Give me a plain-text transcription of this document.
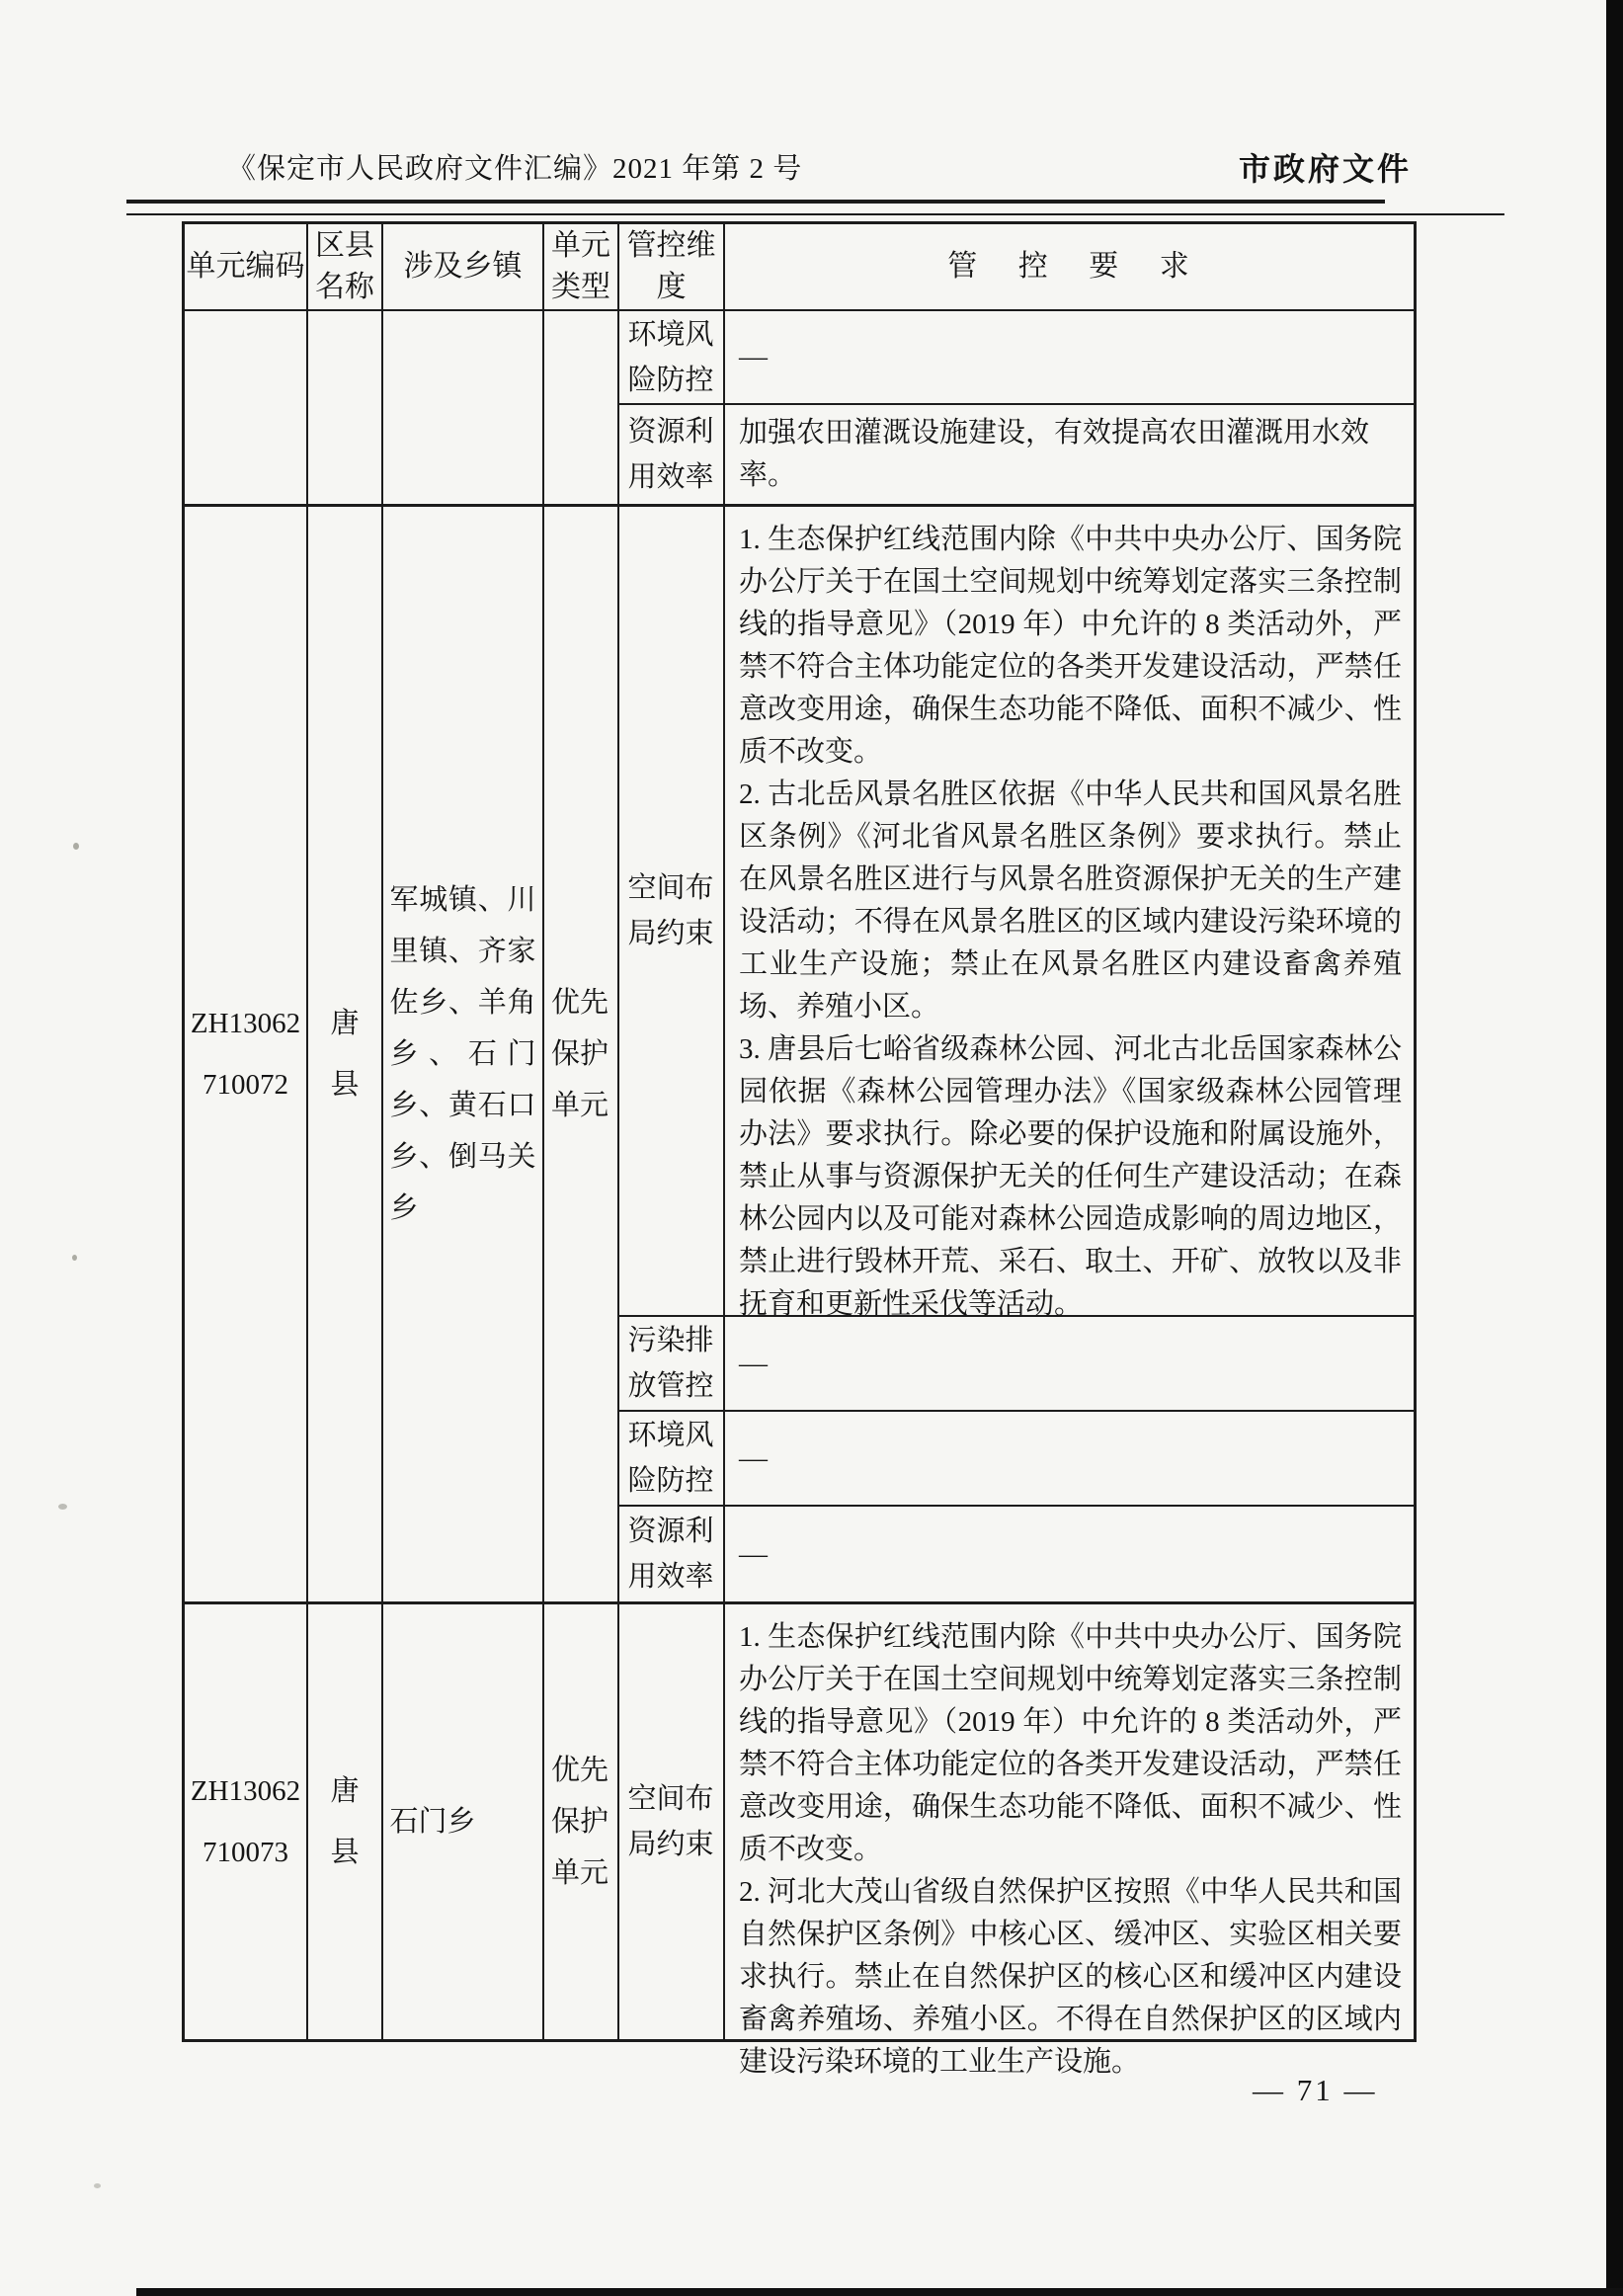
《保定市人民政府文件汇编》2021 年第 2 号	市政府文件
单元编码
区县名称
涉及乡镇
单元类型
管控维度
管 控 要 求
环境风险防控

—

资源利用效率

加强农田灌溉设施建设，有效提高农田灌溉用水效率。

ZH13062 710072
唐县
军城镇、川里镇、齐家佐乡、羊角乡、石门乡、黄石口乡、倒马关乡
优先保护单元
空间布局约束

1. 生态保护红线范围内除《中共中央办公厅、国务院办公厅关于在国土空间规划中统筹划定落实三条控制线的指导意见》（2019 年）中允许的 8 类活动外，严禁不符合主体功能定位的各类开发建设活动，严禁任意改变用途，确保生态功能不降低、面积不减少、性质不改变。

2. 古北岳风景名胜区依据《中华人民共和国风景名胜区条例》《河北省风景名胜区条例》要求执行。禁止在风景名胜区进行与风景名胜资源保护无关的生产建设活动；不得在风景名胜区的区域内建设污染环境的工业生产设施；禁止在风景名胜区内建设畜禽养殖场、养殖小区。

3. 唐县后七峪省级森林公园、河北古北岳国家森林公园依据《森林公园管理办法》《国家级森林公园管理办法》要求执行。除必要的保护设施和附属设施外，禁止从事与资源保护无关的任何生产建设活动；在森林公园内以及可能对森林公园造成影响的周边地区，禁止进行毁林开荒、采石、取土、开矿、放牧以及非抚育和更新性采伐等活动。

污染排放管控

—

环境风险防控

—

资源利用效率

—

ZH13062 710073
唐县
石门乡
优先保护单元
空间布局约束

1. 生态保护红线范围内除《中共中央办公厅、国务院办公厅关于在国土空间规划中统筹划定落实三条控制线的指导意见》（2019 年）中允许的 8 类活动外，严禁不符合主体功能定位的各类开发建设活动，严禁任意改变用途，确保生态功能不降低、面积不减少、性质不改变。

2. 河北大茂山省级自然保护区按照《中华人民共和国自然保护区条例》中核心区、缓冲区、实验区相关要求执行。禁止在自然保护区的核心区和缓冲区内建设畜禽养殖场、养殖小区。不得在自然保护区的区域内建设污染环境的工业生产设施。

— 71 —
